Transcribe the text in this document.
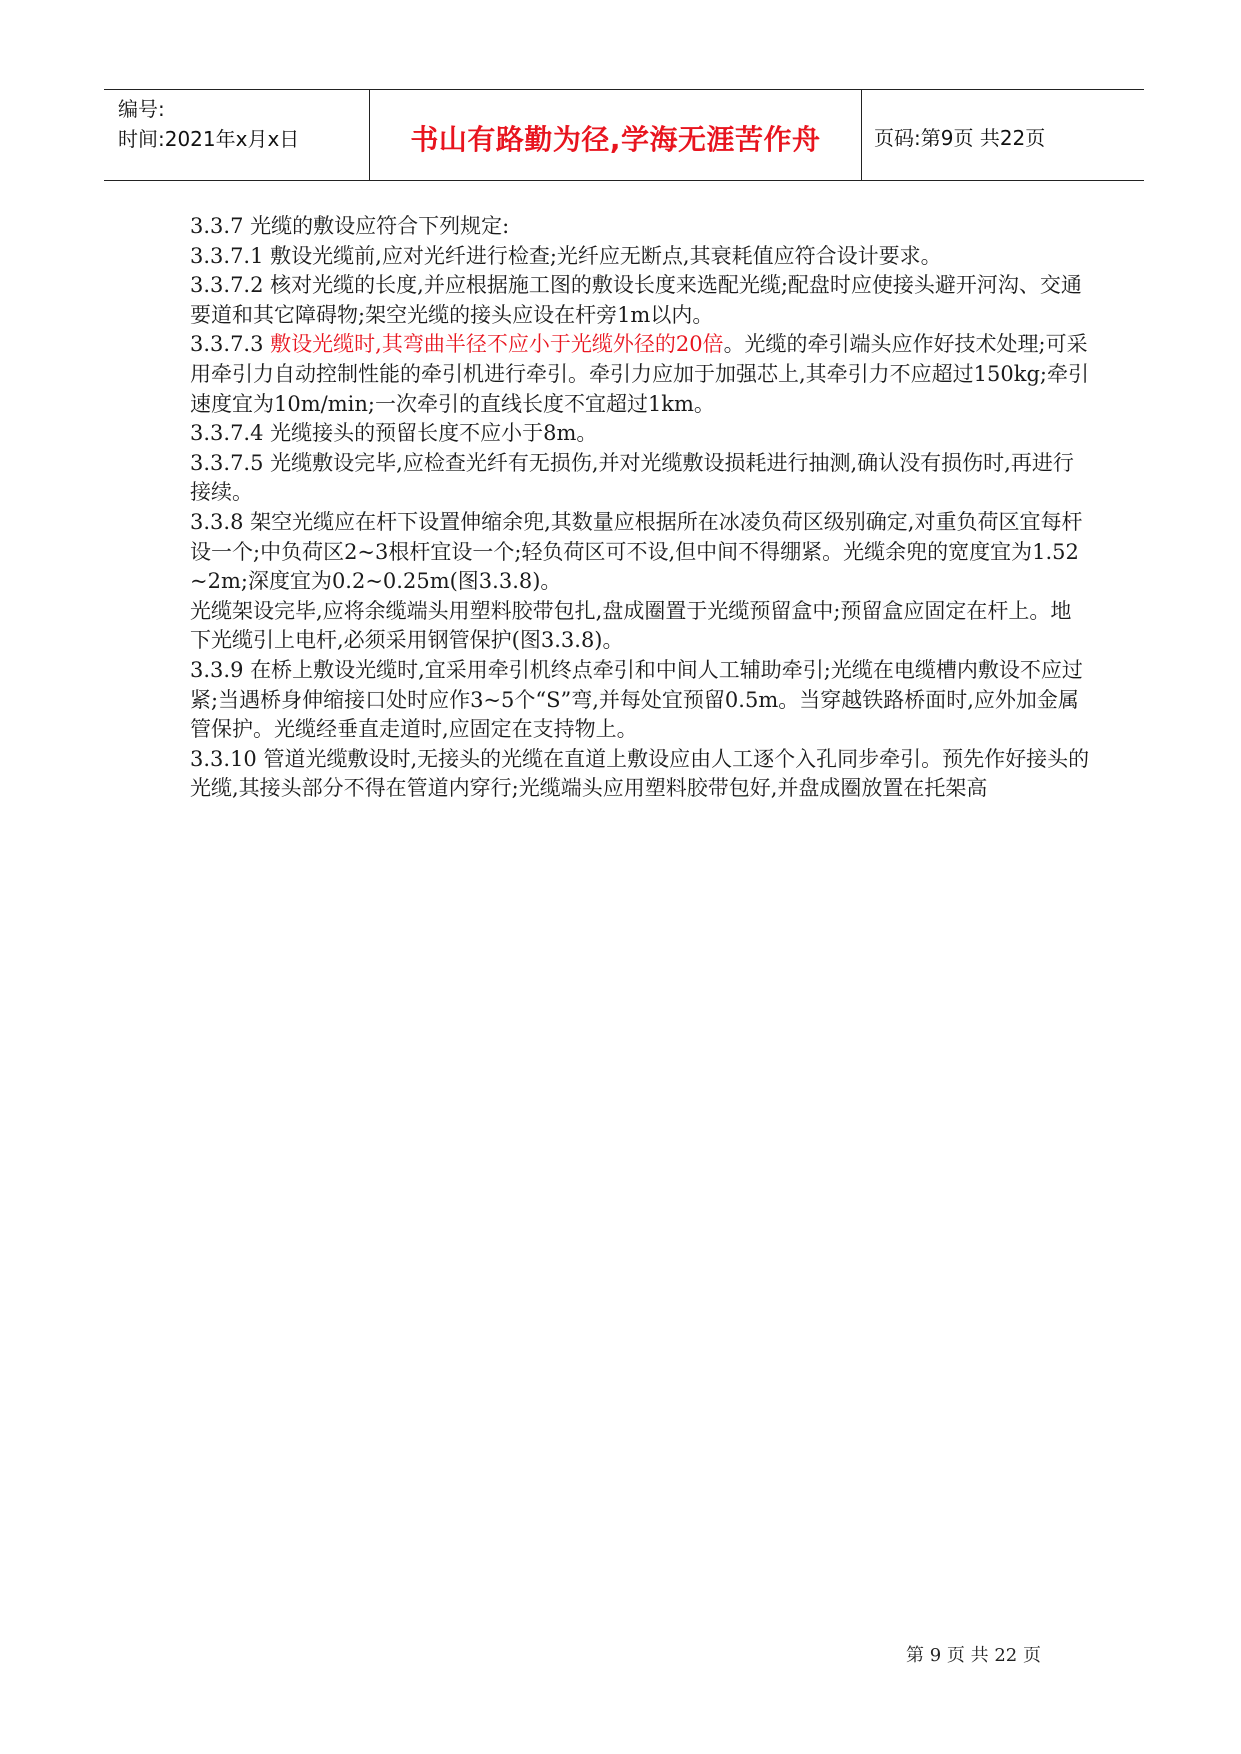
编号:
时间:2021年x月x日	书山有路勤为径,学海无涯苦作舟	页码:第9页 共22页

3.3.7 光缆的敷设应符合下列规定:

3.3.7.1 敷设光缆前,应对光纤进行检查;光纤应无断点,其衰耗值应符合设计要求。

3.3.7.2 核对光缆的长度,并应根据施工图的敷设长度来选配光缆;配盘时应使接头避开河沟、交通要道和其它障碍物;架空光缆的接头应设在杆旁1m以内。

3.3.7.3 敷设光缆时,其弯曲半径不应小于光缆外径的20倍。光缆的牵引端头应作好技术处理;可采用牵引力自动控制性能的牵引机进行牵引。牵引力应加于加强芯上,其牵引力不应超过150kg;牵引速度宜为10m/min;一次牵引的直线长度不宜超过1km。

3.3.7.4 光缆接头的预留长度不应小于8m。

3.3.7.5 光缆敷设完毕,应检查光纤有无损伤,并对光缆敷设损耗进行抽测,确认没有损伤时,再进行接续。

3.3.8 架空光缆应在杆下设置伸缩余兜,其数量应根据所在冰凌负荷区级别确定,对重负荷区宜每杆设一个;中负荷区2~3根杆宜设一个;轻负荷区可不设,但中间不得绷紧。光缆余兜的宽度宜为1.52~2m;深度宜为0.2~0.25m(图3.3.8)。

光缆架设完毕,应将余缆端头用塑料胶带包扎,盘成圈置于光缆预留盒中;预留盒应固定在杆上。地下光缆引上电杆,必须采用钢管保护(图3.3.8)。

3.3.9 在桥上敷设光缆时,宜采用牵引机终点牵引和中间人工辅助牵引;光缆在电缆槽内敷设不应过紧;当遇桥身伸缩接口处时应作3~5个“S”弯,并每处宜预留0.5m。当穿越铁路桥面时,应外加金属管保护。光缆经垂直走道时,应固定在支持物上。

3.3.10 管道光缆敷设时,无接头的光缆在直道上敷设应由人工逐个入孔同步牵引。预先作好接头的光缆,其接头部分不得在管道内穿行;光缆端头应用塑料胶带包好,并盘成圈放置在托架高

第 9 页 共 22 页
